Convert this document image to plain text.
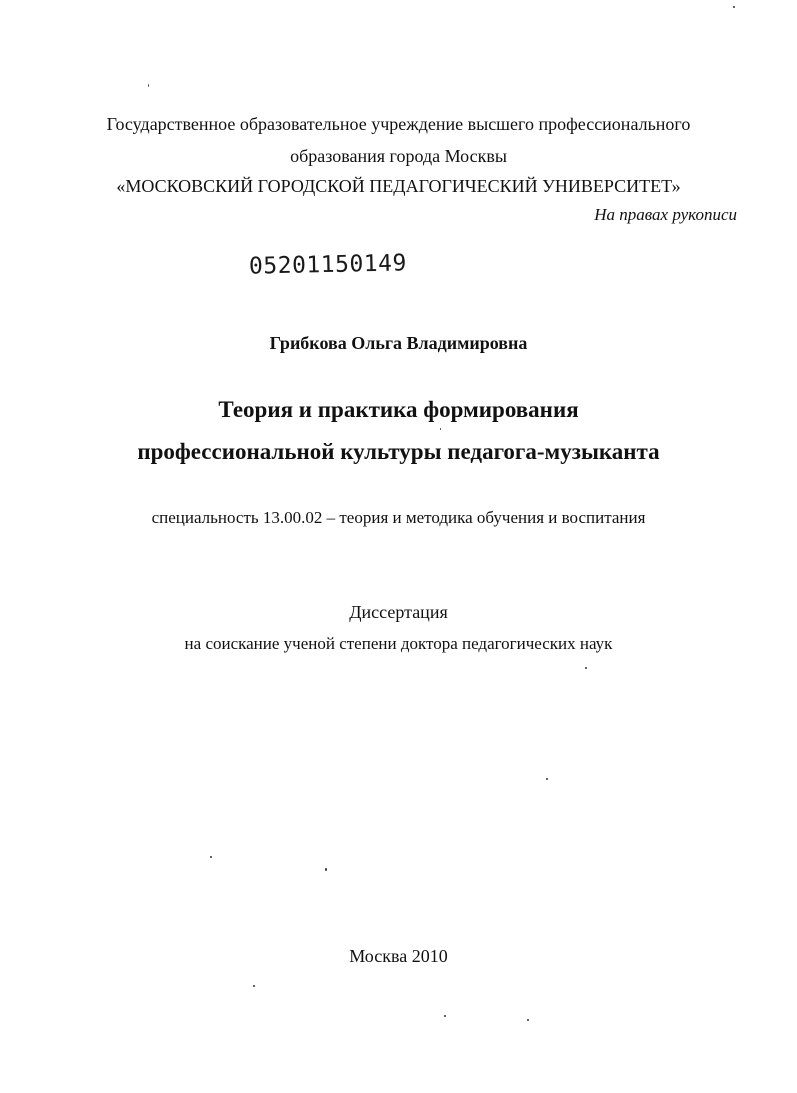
Государственное образовательное учреждение высшего профессионального

образования города Москвы

«МОСКОВСКИЙ ГОРОДСКОЙ ПЕДАГОГИЧЕСКИЙ УНИВЕРСИТЕТ»

На правах рукописи
05201150149

Грибкова Ольга Владимировна

Теория и практика формирования

профессиональной культуры педагога-музыканта

специальность 13.00.02 – теория и методика обучения и воспитания

Диссертация

на соискание ученой степени доктора педагогических наук

Москва 2010
